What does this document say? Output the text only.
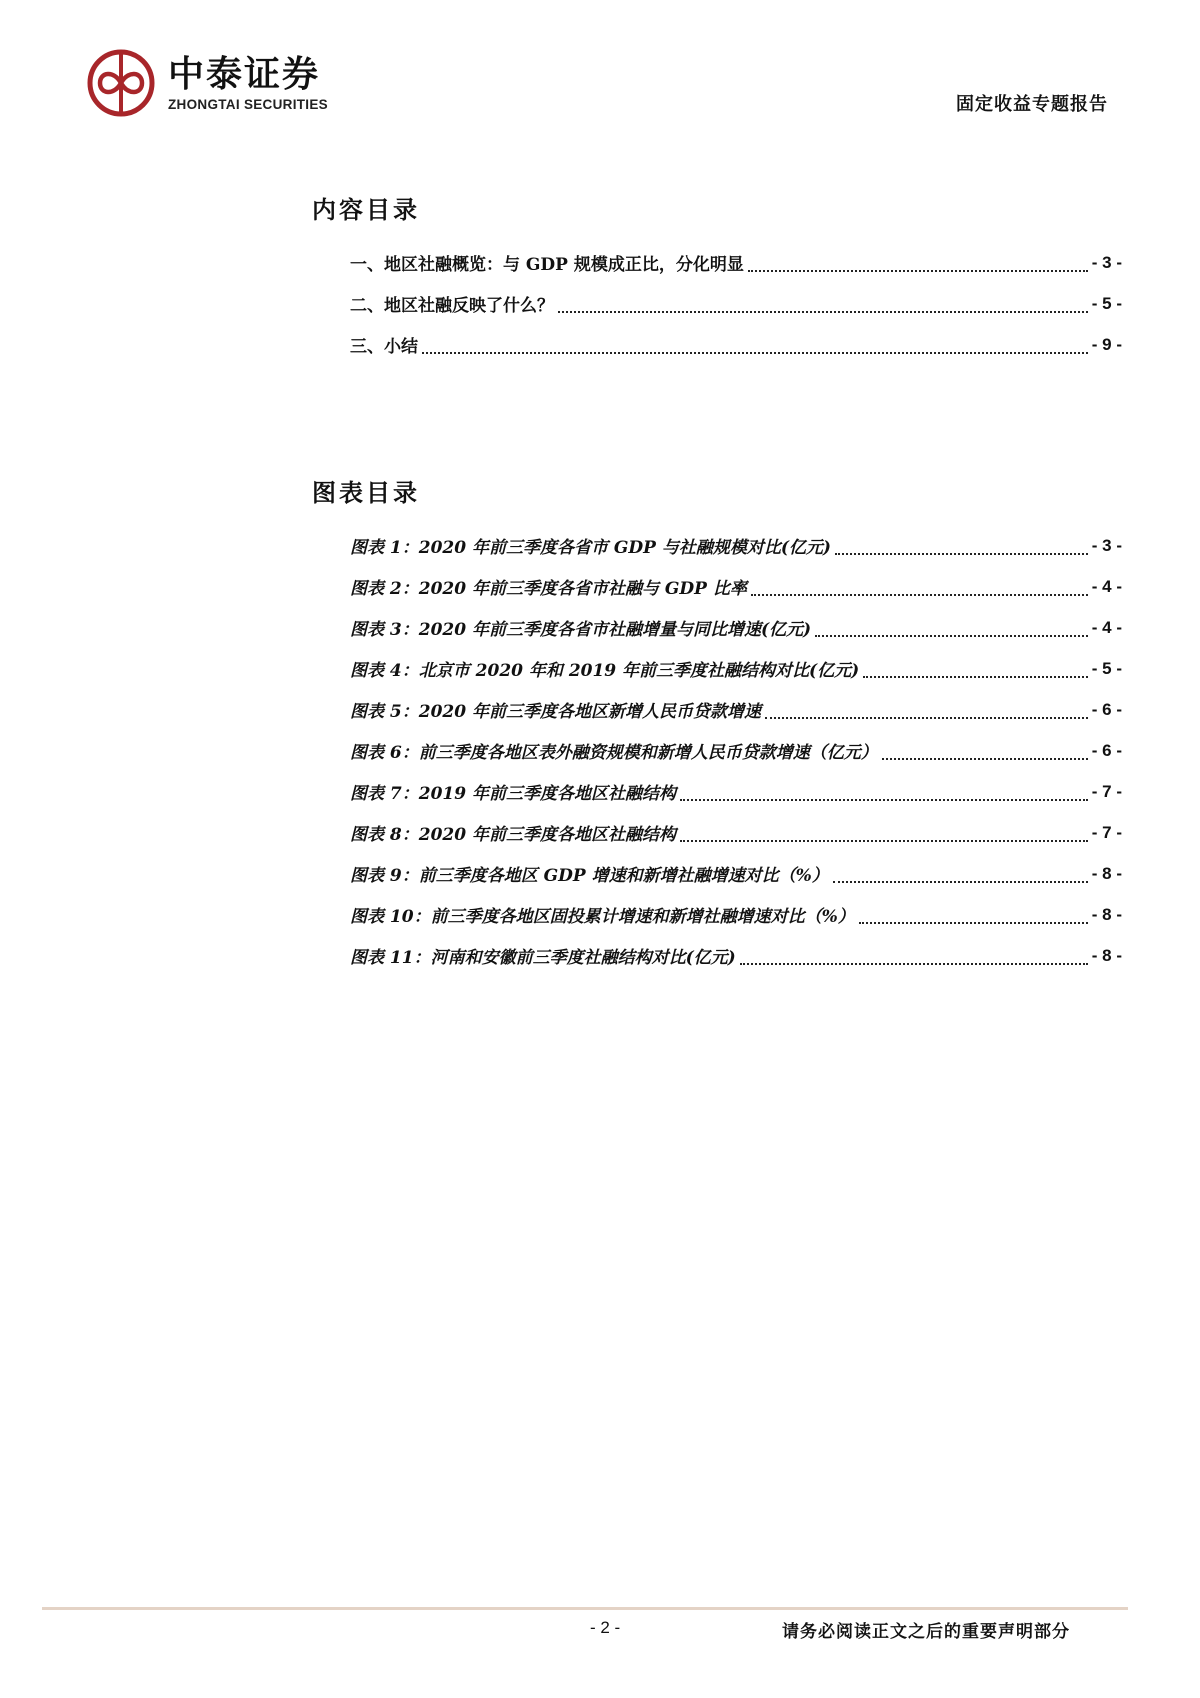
中泰证券
ZHONGTAI SECURITIES	固定收益专题报告
内容目录
一、地区社融概览：与 GDP 规模成正比，分化明显	- 3 -
二、地区社融反映了什么？	- 5 -
三、小结	- 9 -
图表目录
图表 1：2020 年前三季度各省市 GDP 与社融规模对比(亿元)	- 3 -
图表 2：2020 年前三季度各省市社融与 GDP 比率	- 4 -
图表 3：2020 年前三季度各省市社融增量与同比增速(亿元)	- 4 -
图表 4：北京市 2020 年和 2019 年前三季度社融结构对比(亿元)	- 5 -
图表 5：2020 年前三季度各地区新增人民币贷款增速	- 6 -
图表 6：前三季度各地区表外融资规模和新增人民币贷款增速（亿元）	- 6 -
图表 7：2019 年前三季度各地区社融结构	- 7 -
图表 8：2020 年前三季度各地区社融结构	- 7 -
图表 9：前三季度各地区 GDP 增速和新增社融增速对比（%）	- 8 -
图表 10：前三季度各地区固投累计增速和新增社融增速对比（%）	- 8 -
图表 11：河南和安徽前三季度社融结构对比(亿元)	- 8 -
- 2 -	请务必阅读正文之后的重要声明部分
